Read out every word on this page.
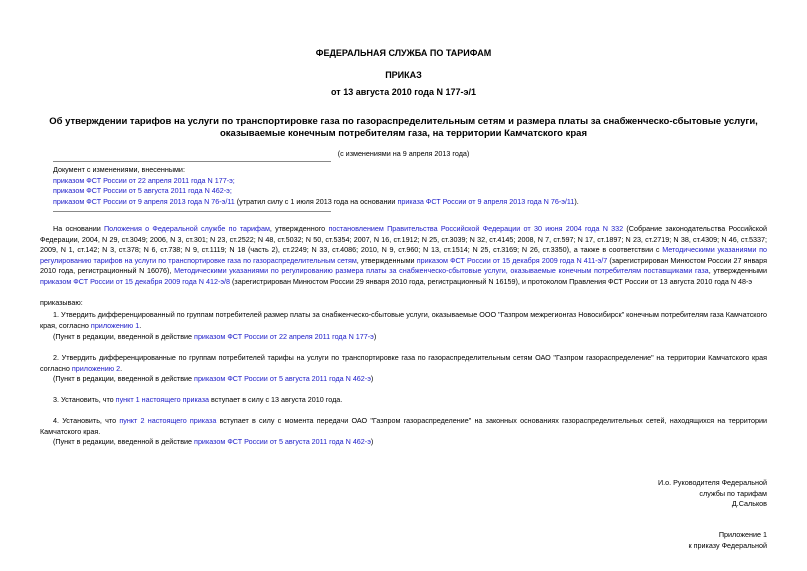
ФЕДЕРАЛЬНАЯ СЛУЖБА ПО ТАРИФАМ
ПРИКАЗ
от 13 августа 2010 года N 177-э/1
Об утверждении тарифов на услуги по транспортировке газа по газораспределительным сетям и размера платы за снабженческо-сбытовые услуги, оказываемые конечным потребителям газа, на территории Камчатского края
(с изменениями на 9 апреля 2013 года)
Документ с изменениями, внесенными:
приказом ФСТ России от 22 апреля 2011 года N 177-э;
приказом ФСТ России от 5 августа 2011 года N 462-э;
приказом ФСТ России от 9 апреля 2013 года N 76-э/11 (утратил силу с 1 июля 2013 года на основании приказа ФСТ России от 9 апреля 2013 года N 76-э/11).
На основании Положения о Федеральной службе по тарифам, утвержденного постановлением Правительства Российской Федерации от 30 июня 2004 года N 332 (Собрание законодательства Российской Федерации, 2004, N 29, ст.3049; 2006, N 3, ст.301; N 23, ст.2522; N 48, ст.5032; N 50, ст.5354; 2007, N 16, ст.1912; N 25, ст.3039; N 32, ст.4145; 2008, N 7, ст.597; N 17, ст.1897; N 23, ст.2719; N 38, ст.4309; N 46, ст.5337; 2009, N 1, ст.142; N 3, ст.378; N 6, ст.738; N 9, ст.1119; N 18 (часть 2), ст.2249; N 33, ст.4086; 2010, N 9, ст.960; N 13, ст.1514; N 25, ст.3169; N 26, ст.3350), а также в соответствии с Методическими указаниями по регулированию тарифов на услуги по транспортировке газа по газораспределительным сетям, утвержденными приказом ФСТ России от 15 декабря 2009 года N 411-э/7 (зарегистрирован Минюстом России 27 января 2010 года, регистрационный N 16076), Методическими указаниями по регулированию размера платы за снабженческо-сбытовые услуги, оказываемые конечным потребителям поставщиками газа, утвержденными приказом ФСТ России от 15 декабря 2009 года N 412-э/8 (зарегистрирован Минюстом России 29 января 2010 года, регистрационный N 16159), и протоколом Правления ФСТ России от 13 августа 2010 года N 48-э
приказываю:
1. Утвердить дифференцированный по группам потребителей размер платы за снабженческо-сбытовые услуги, оказываемые ООО "Газпром межрегионгаз Новосибирск" конечным потребителям газа Камчатского края, согласно приложению 1.
(Пункт в редакции, введенной в действие приказом ФСТ России от 22 апреля 2011 года N 177-э)
2. Утвердить дифференцированные по группам потребителей тарифы на услуги по транспортировке газа по газораспределительным сетям ОАО "Газпром газораспределение" на территории Камчатского края согласно приложению 2.
(Пункт в редакции, введенной в действие приказом ФСТ России от 5 августа 2011 года N 462-э)
3. Установить, что пункт 1 настоящего приказа вступает в силу с 13 августа 2010 года.
4. Установить, что пункт 2 настоящего приказа вступает в силу с момента передачи ОАО "Газпром газораспределение" на законных основаниях газораспределительных сетей, находящихся на территории Камчатского края.
(Пункт в редакции, введенной в действие приказом ФСТ России от 5 августа 2011 года N 462-э)
И.о. Руководителя Федеральной
службы по тарифам
Д.Сальков
Приложение 1
к приказу Федеральной
